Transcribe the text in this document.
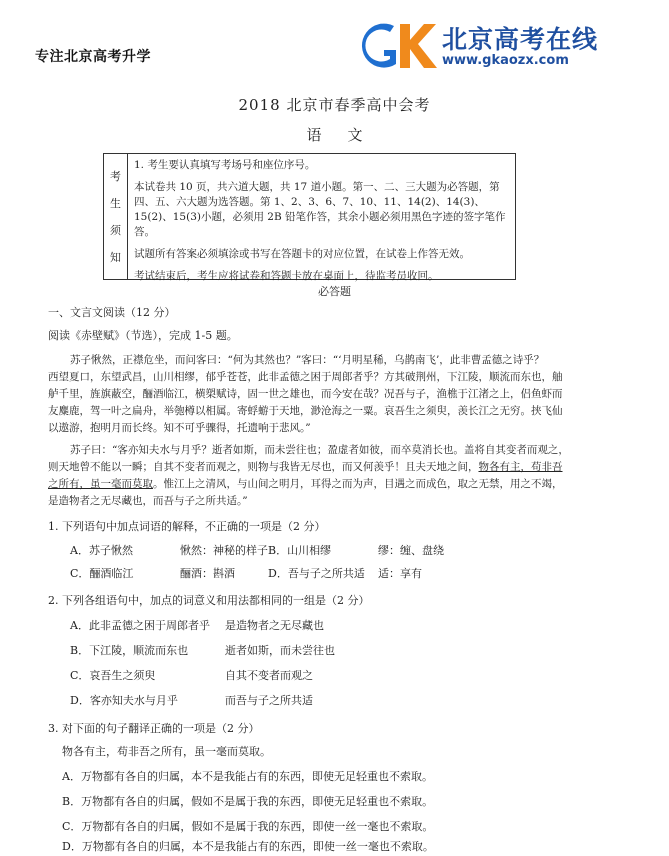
专注北京高考升学
北京高考在线
www.gkaozx.com
2018 北京市春季高中会考
语文
考
生
须
知

1. 考生要认真填写考场号和座位序号。

本试卷共 10 页，共六道大题，共 17 道小题。第一、二、三大题为必答题，第四、五、六大题为选答题。第 1、2、3、6、7、10、11、14(2)、14(3)、15(2)、15(3)小题，必须用 2B 铅笔作答，其余小题必须用黑色字迹的签字笔作答。

试题所有答案必须填涂或书写在答题卡的对应位置，在试卷上作答无效。

考试结束后，考生应将试卷和答题卡放在桌面上，待监考员收回。

必答题
一、文言文阅读（12 分）
阅读《赤壁赋》（节选），完成 1-5 题。
苏子愀然，正襟危坐，而问客曰：“何为其然也？”客曰：“‘月明星稀，乌鹊南飞’，此非曹孟德之诗乎？
西望夏口，东望武昌，山川相缪，郁乎苍苍，此非孟德之困于周郎者乎？方其破荆州，下江陵，顺流而东也，舳
舻千里，旌旗蔽空，酾酒临江，横槊赋诗，固一世之雄也，而今安在哉？况吾与子，渔樵于江渚之上，侣鱼虾而
友麋鹿，驾一叶之扁舟，举匏樽以相属。寄蜉蝣于天地，渺沧海之一粟。哀吾生之须臾，羡长江之无穷。挟飞仙
以遨游，抱明月而长终。知不可乎骤得，托遗响于悲风。”
苏子曰：“客亦知夫水与月乎？逝者如斯，而未尝往也；盈虚者如彼，而卒莫消长也。盖将自其变者而观之，
则天地曾不能以一瞬；自其不变者而观之，则物与我皆无尽也，而又何羡乎！且夫天地之间，物各有主，苟非吾
之所有，虽一毫而莫取。惟江上之清风，与山间之明月，耳得之而为声，目遇之而成色，取之无禁，用之不竭，
是造物者之无尽藏也，而吾与子之所共适。”
1. 下列语句中加点词语的解释，不正确的一项是（2 分）
A．苏子愀然	愀然：神秘的样子 B．山川相缪	缪：缠、盘绕
C．酾酒临江	酾酒：斟酒	D．吾与子之所共适 适：享有
2. 下列各组语句中，加点的词意义和用法都相同的一组是（2 分）
A．此非孟德之困于周郎者乎 是造物者之无尽藏也
B．下江陵，顺流而东也	逝者如斯，而未尝往也
C．哀吾生之须臾	自其不变者而观之
D．客亦知夫水与月乎	而吾与子之所共适
3. 对下面的句子翻译正确的一项是（2 分）
物各有主，苟非吾之所有，虽一毫而莫取。
A．万物都有各自的归属，本不是我能占有的东西，即使无足轻重也不索取。
B．万物都有各自的归属，假如不是属于我的东西，即使无足轻重也不索取。
C．万物都有各自的归属，假如不是属于我的东西，即使一丝一毫也不索取。
D．万物都有各自的归属，本不是我能占有的东西，即使一丝一毫也不索取。
